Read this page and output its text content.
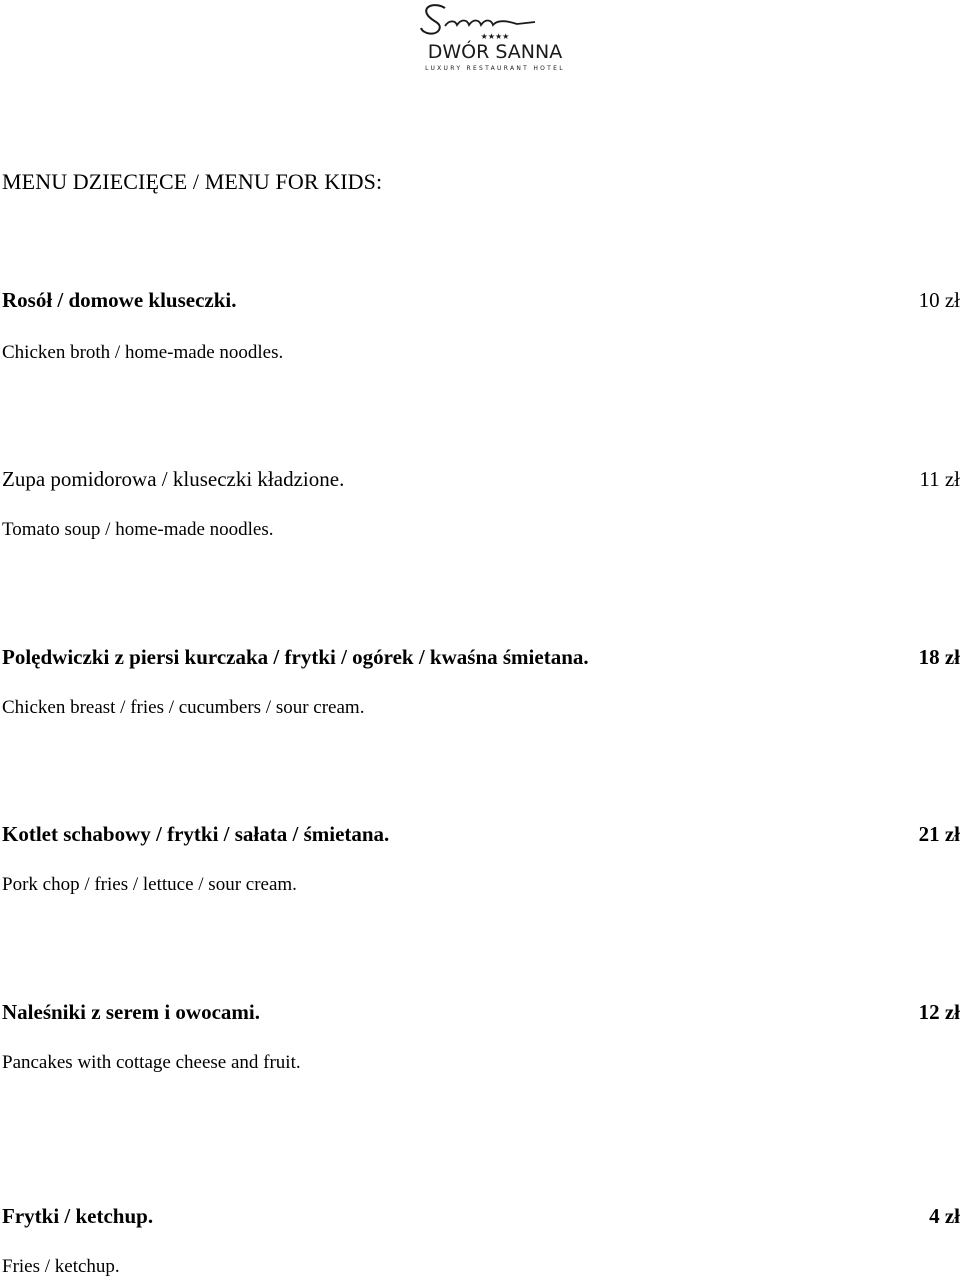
★★★★
DWÓR SANNA
LUXURY RESTAURANT HOTEL
MENU DZIECIĘCE / MENU FOR KIDS:
Rosół / domowe kluseczki.	10 zł
Chicken broth / home-made noodles.
Zupa pomidorowa / kluseczki kładzione.	11 zł
Tomato soup / home-made noodles.
Polędwiczki z piersi kurczaka / frytki / ogórek / kwaśna śmietana.	18 zł
Chicken breast / fries / cucumbers / sour cream.
Kotlet schabowy / frytki / sałata / śmietana.	21 zł
Pork chop / fries / lettuce / sour cream.
Naleśniki z serem i owocami.	12 zł
Pancakes with cottage cheese and fruit.
Frytki / ketchup.	4 zł
Fries / ketchup.
